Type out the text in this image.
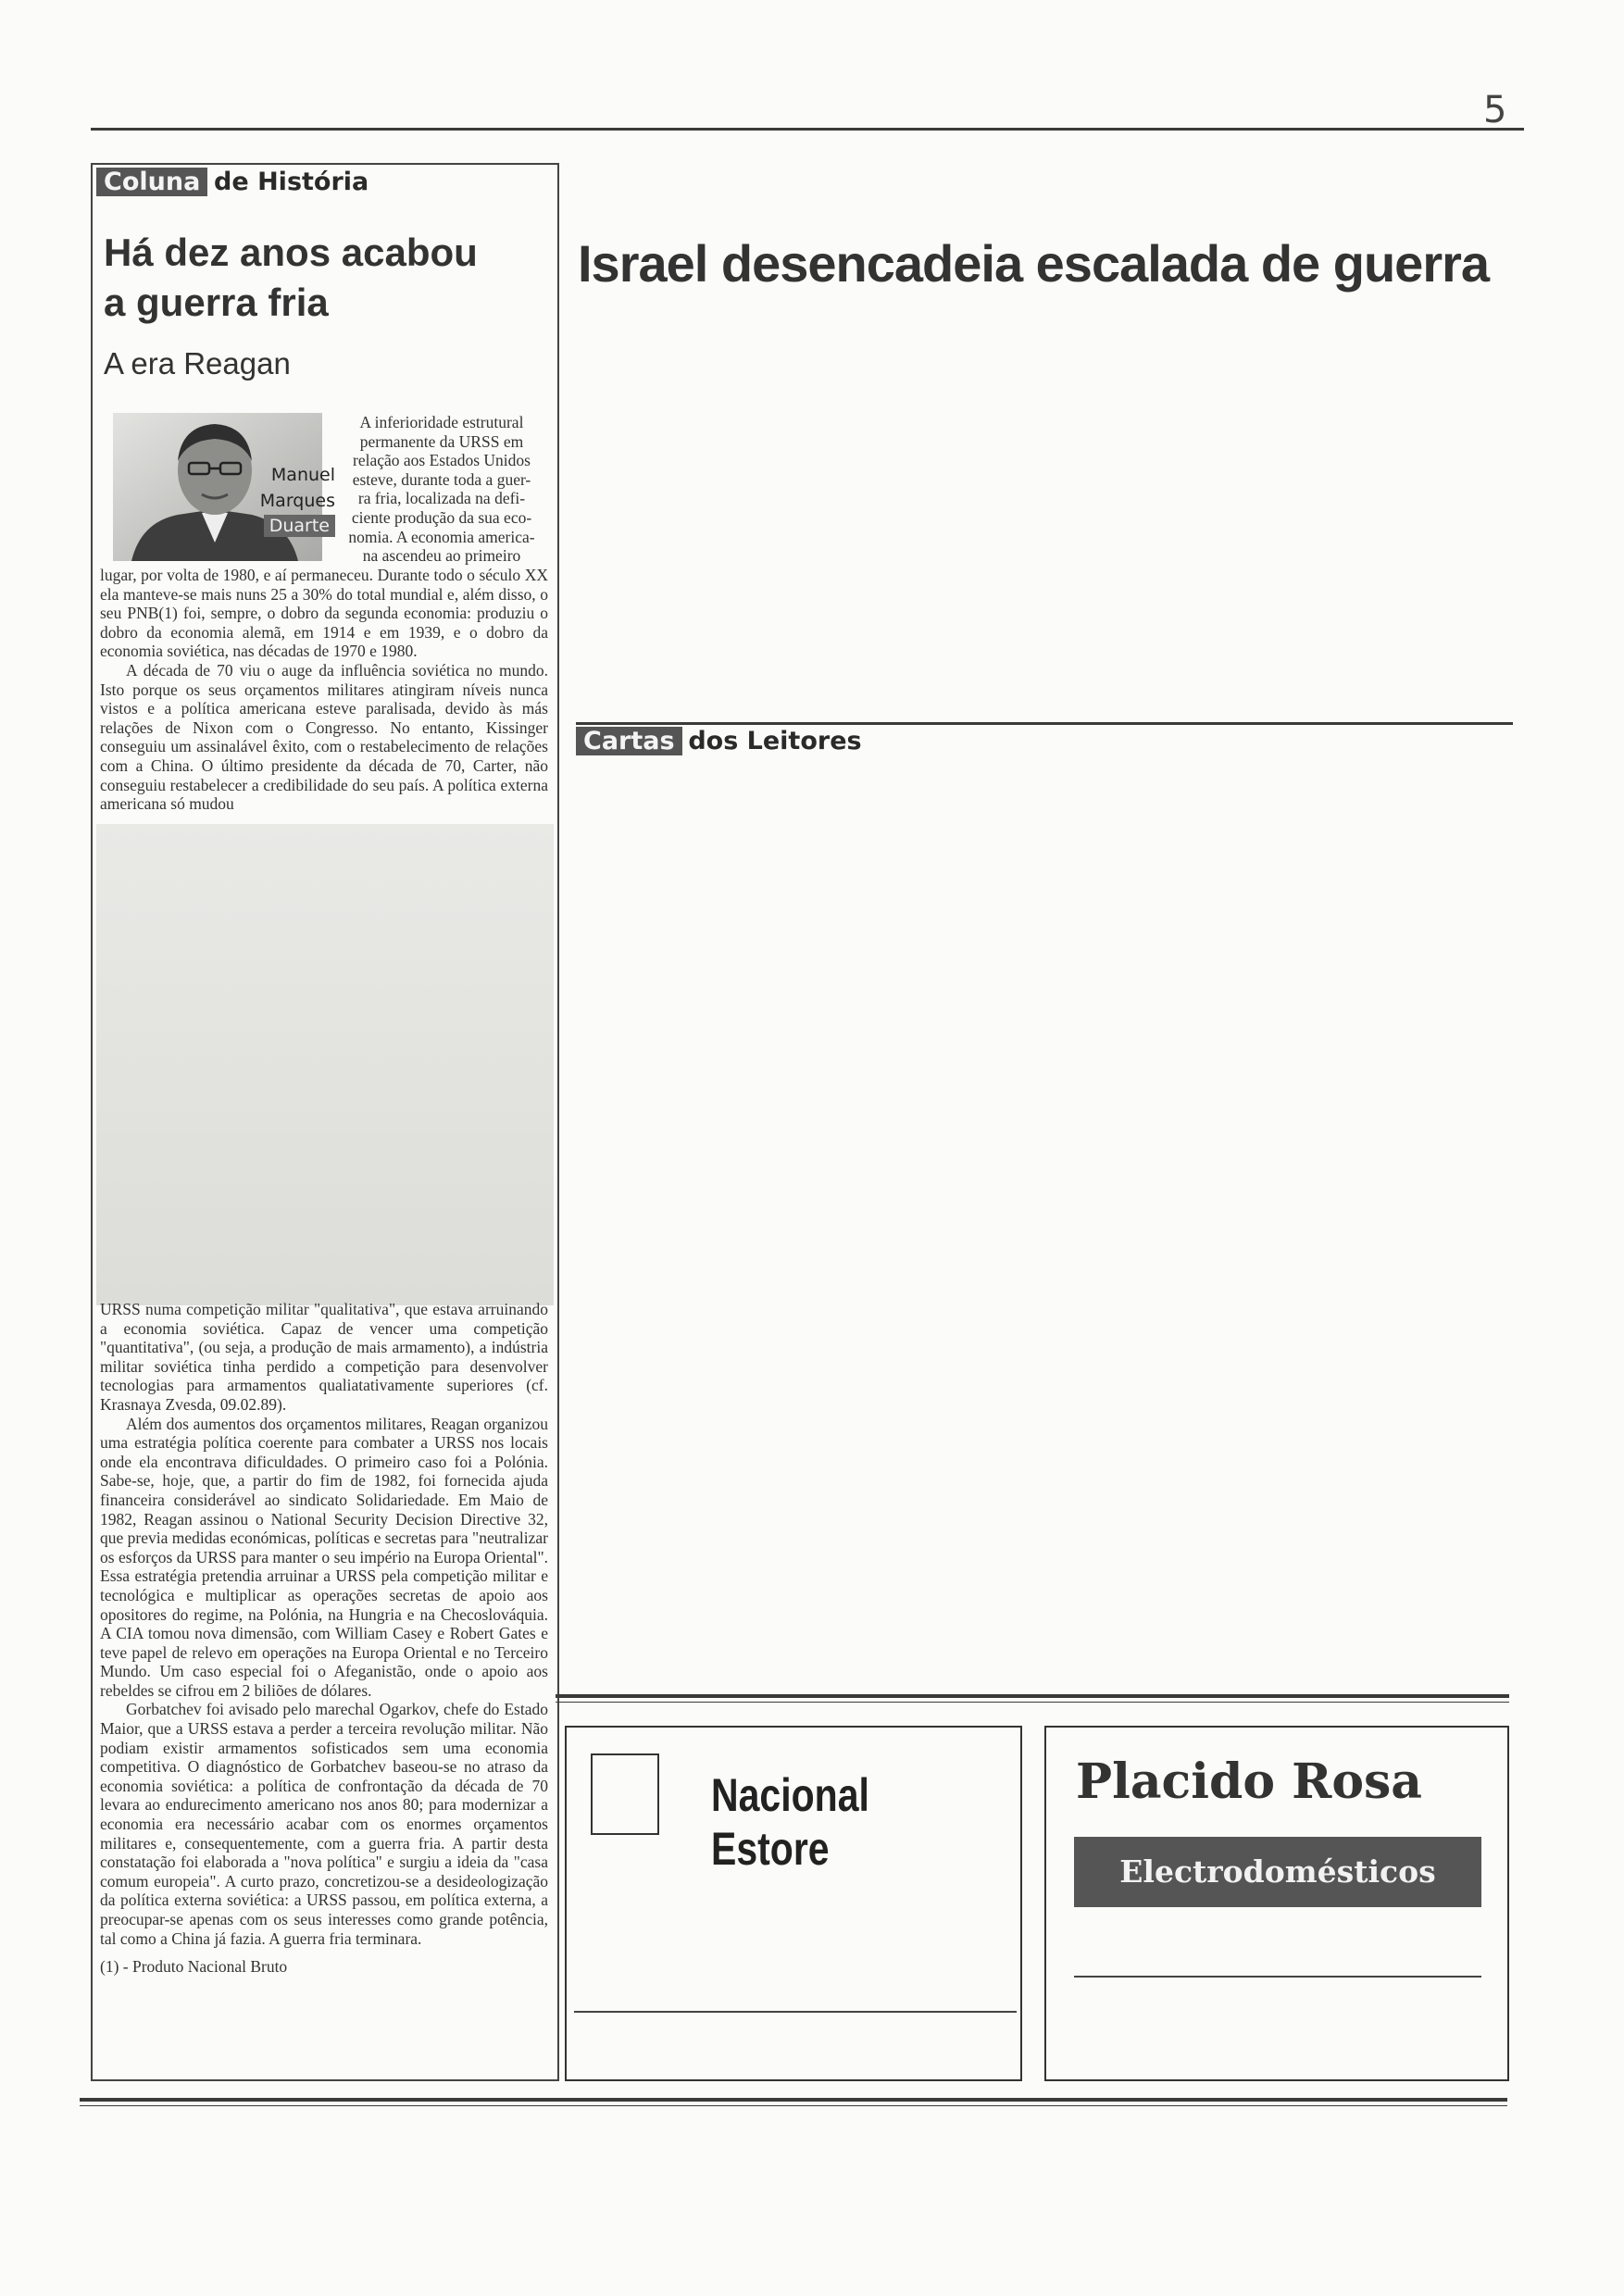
5
Coluna de História
Há dez anos acabou
a guerra fria
A era Reagan
Manuel
Marques
Duarte
A inferioridade estrutural
permanente da URSS em
relação aos Estados Unidos
esteve, durante toda a guer-
ra fria, localizada na defi-
ciente produção da sua eco-
nomia. A economia america-
na ascendeu ao primeiro

lugar, por volta de 1980, e aí permaneceu. Durante todo o século XX ela manteve-se mais nuns 25 a 30% do total mundial e, além disso, o seu PNB(1) foi, sempre, o dobro da segunda economia: produziu o dobro da economia alemã, em 1914 e em 1939, e o dobro da economia soviética, nas décadas de 1970 e 1980.

A década de 70 viu o auge da influência soviética no mundo. Isto porque os seus orçamentos militares atingiram níveis nunca vistos e a política americana esteve paralisada, devido às más relações de Nixon com o Congresso. No entanto, Kissinger conseguiu um assinalável êxito, com o restabelecimento de relações com a China. O último presidente da década de 70, Carter, não conseguiu restabelecer a credibilidade do seu país. A política externa americana só mudou

URSS numa competição militar "qualitativa", que estava arruinando a economia soviética. Capaz de vencer uma competição "quantitativa", (ou seja, a produção de mais armamento), a indústria militar soviética tinha perdido a competição para desenvolver tecnologias para armamentos qualiatativamente superiores (cf. Krasnaya Zvesda, 09.02.89).

Além dos aumentos dos orçamentos militares, Reagan organizou uma estratégia política coerente para combater a URSS nos locais onde ela encontrava dificuldades. O primeiro caso foi a Polónia. Sabe-se, hoje, que, a partir do fim de 1982, foi fornecida ajuda financeira considerável ao sindicato Solidariedade. Em Maio de 1982, Reagan assinou o National Security Decision Directive 32, que previa medidas económicas, políticas e secretas para "neutralizar os esforços da URSS para manter o seu império na Europa Oriental". Essa estratégia pretendia arruinar a URSS pela competição militar e tecnológica e multiplicar as operações secretas de apoio aos opositores do regime, na Polónia, na Hungria e na Checoslováquia. A CIA tomou nova dimensão, com William Casey e Robert Gates e teve papel de relevo em operações na Europa Oriental e no Terceiro Mundo. Um caso especial foi o Afeganistão, onde o apoio aos rebeldes se cifrou em 2 biliões de dólares.

Gorbatchev foi avisado pelo marechal Ogarkov, chefe do Estado Maior, que a URSS estava a perder a terceira revolução militar. Não podiam existir armamentos sofisticados sem uma economia competitiva. O diagnóstico de Gorbatchev baseou-se no atraso da economia soviética: a política de confrontação da década de 70 levara ao endurecimento americano nos anos 80; para modernizar a economia era necessário acabar com os enormes orçamentos militares e, consequentemente, com a guerra fria. A partir desta constatação foi elaborada a "nova política" e surgiu a ideia da "casa comum europeia". A curto prazo, concretizou-se a desideologização da política externa soviética: a URSS passou, em política externa, a preocupar-se apenas com os seus interesses como grande potência, tal como a China já fazia. A guerra fria terminara.

(1) - Produto Nacional Bruto
Israel desencadeia escalada de guerra
Cartas dos Leitores
Nacional Estore
Placido Rosa
Electrodomésticos
